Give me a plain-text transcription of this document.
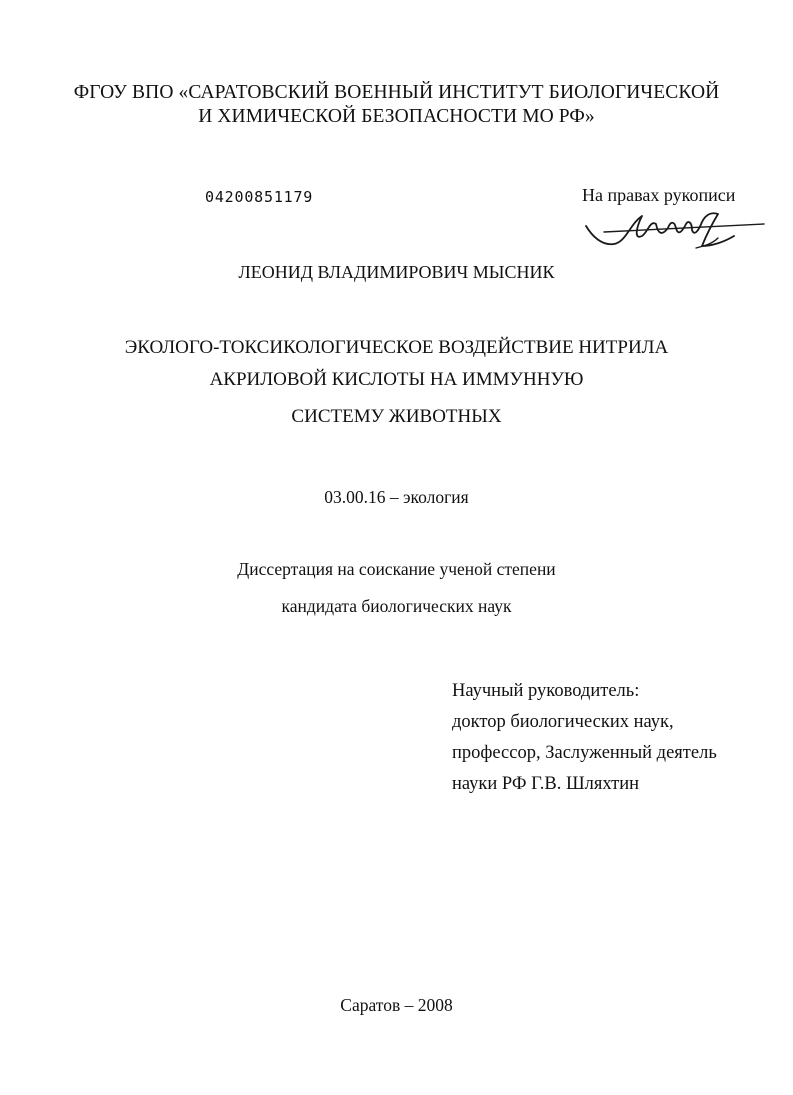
ФГОУ ВПО «САРАТОВСКИЙ ВОЕННЫЙ ИНСТИТУТ БИОЛОГИЧЕСКОЙ
И ХИМИЧЕСКОЙ БЕЗОПАСНОСТИ МО РФ»
04200851179	На правах рукописи
ЛЕОНИД ВЛАДИМИРОВИЧ МЫСНИК
ЭКОЛОГО-ТОКСИКОЛОГИЧЕСКОЕ ВОЗДЕЙСТВИЕ НИТРИЛА
АКРИЛОВОЙ КИСЛОТЫ НА ИММУННУЮ
СИСТЕМУ ЖИВОТНЫХ
03.00.16 – экология
Диссертация на соискание ученой степени
кандидата биологических наук
Научный руководитель:
доктор биологических наук,
профессор, Заслуженный деятель
науки РФ Г.В. Шляхтин
Саратов – 2008
